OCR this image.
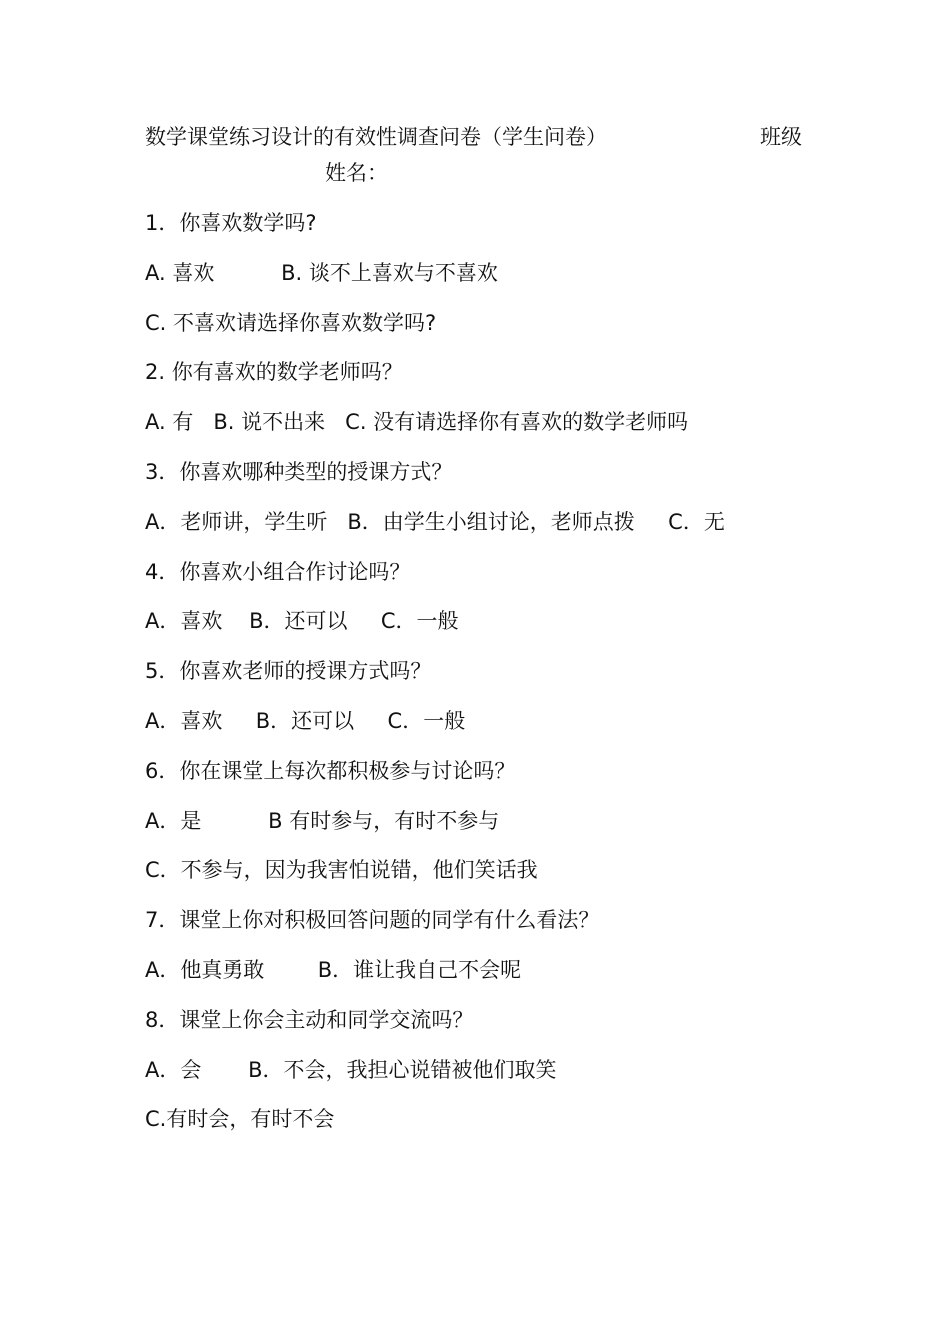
数学课堂练习设计的有效性调查问卷（学生问卷）	班级
姓名：
1．你喜欢数学吗?
A. 喜欢          B. 谈不上喜欢与不喜欢
C. 不喜欢请选择你喜欢数学吗?
2. 你有喜欢的数学老师吗？
A. 有   B. 说不出来   C. 没有请选择你有喜欢的数学老师吗
3．你喜欢哪种类型的授课方式？
A．老师讲，学生听   B．由学生小组讨论，老师点拨     C．无
4．你喜欢小组合作讨论吗？
A．喜欢    B．还可以     C．一般
5．你喜欢老师的授课方式吗？
A．喜欢     B．还可以     C．一般
6．你在课堂上每次都积极参与讨论吗？
A．是          B 有时参与，有时不参与
C．不参与，因为我害怕说错，他们笑话我
7．课堂上你对积极回答问题的同学有什么看法？
A．他真勇敢        B．谁让我自己不会呢
8．课堂上你会主动和同学交流吗？
A．会       B．不会，我担心说错被他们取笑
C.有时会，有时不会
